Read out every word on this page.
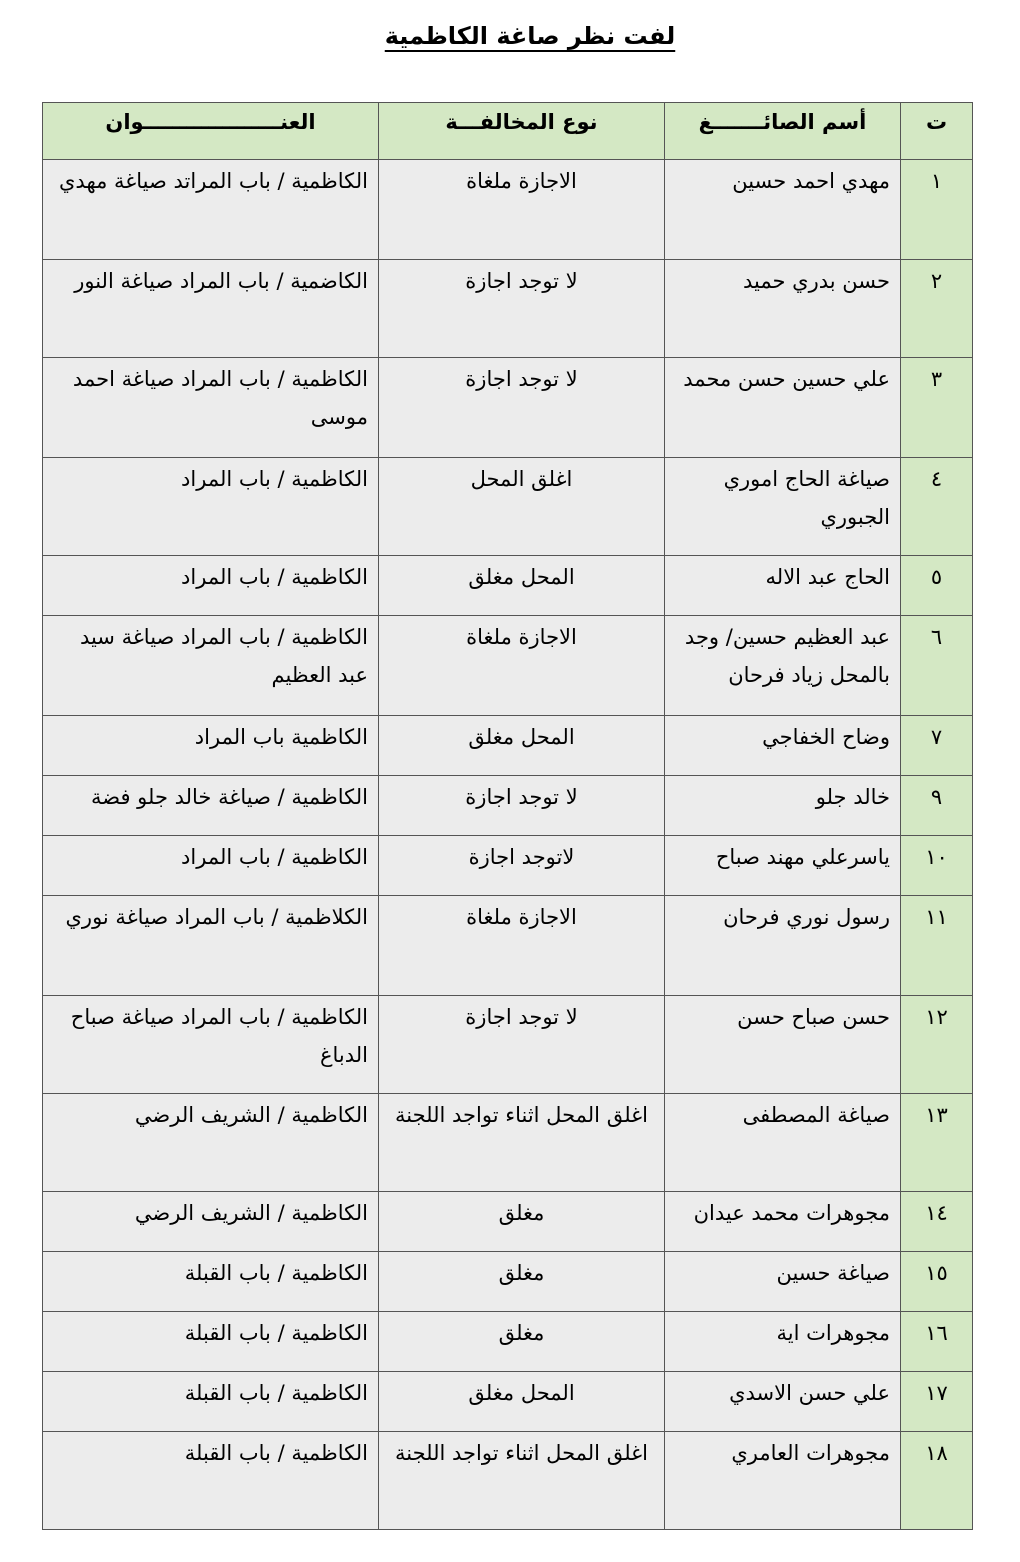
لفت نظر صاغة الكاظمية
ت	أسم الصائـــــــغ	نوع المخالفـــة	العنـــــــــــــــــــوان
١	مهدي احمد حسين	الاجازة ملغاة	الكاظمية / باب المراتد صياغة مهدي
٢	حسن بدري حميد	لا توجد اجازة	الكاضمية / باب المراد صياغة النور
٣	علي حسين حسن محمد	لا توجد اجازة	الكاظمية / باب المراد صياغة احمد موسى
٤	صياغة الحاج اموري الجبوري	اغلق المحل	الكاظمية / باب المراد
٥	الحاج عبد الاله	المحل مغلق	الكاظمية / باب المراد
٦	عبد العظيم حسين/ وجد بالمحل زياد فرحان	الاجازة ملغاة	الكاظمية / باب المراد صياغة سيد عبد العظيم
٧	وضاح الخفاجي	المحل مغلق	الكاظمية باب المراد
٩	خالد جلو	لا توجد اجازة	الكاظمية / صياغة خالد جلو فضة
١٠	ياسرعلي مهند صباح	لاتوجد اجازة	الكاظمية / باب المراد
١١	رسول نوري فرحان	الاجازة ملغاة	الكلاظمية / باب المراد صياغة نوري
١٢	حسن صباح حسن	لا توجد اجازة	الكاظمية / باب المراد صياغة صباح الدباغ
١٣	صياغة المصطفى	اغلق المحل اثناء تواجد اللجنة	الكاظمية / الشريف الرضي
١٤	مجوهرات محمد عيدان	مغلق	الكاظمية / الشريف الرضي
١٥	صياغة حسين	مغلق	الكاظمية / باب القبلة
١٦	مجوهرات اية	مغلق	الكاظمية / باب القبلة
١٧	علي حسن الاسدي	المحل مغلق	الكاظمية / باب القبلة
١٨	مجوهرات العامري	اغلق المحل اثناء تواجد اللجنة	الكاظمية / باب القبلة
